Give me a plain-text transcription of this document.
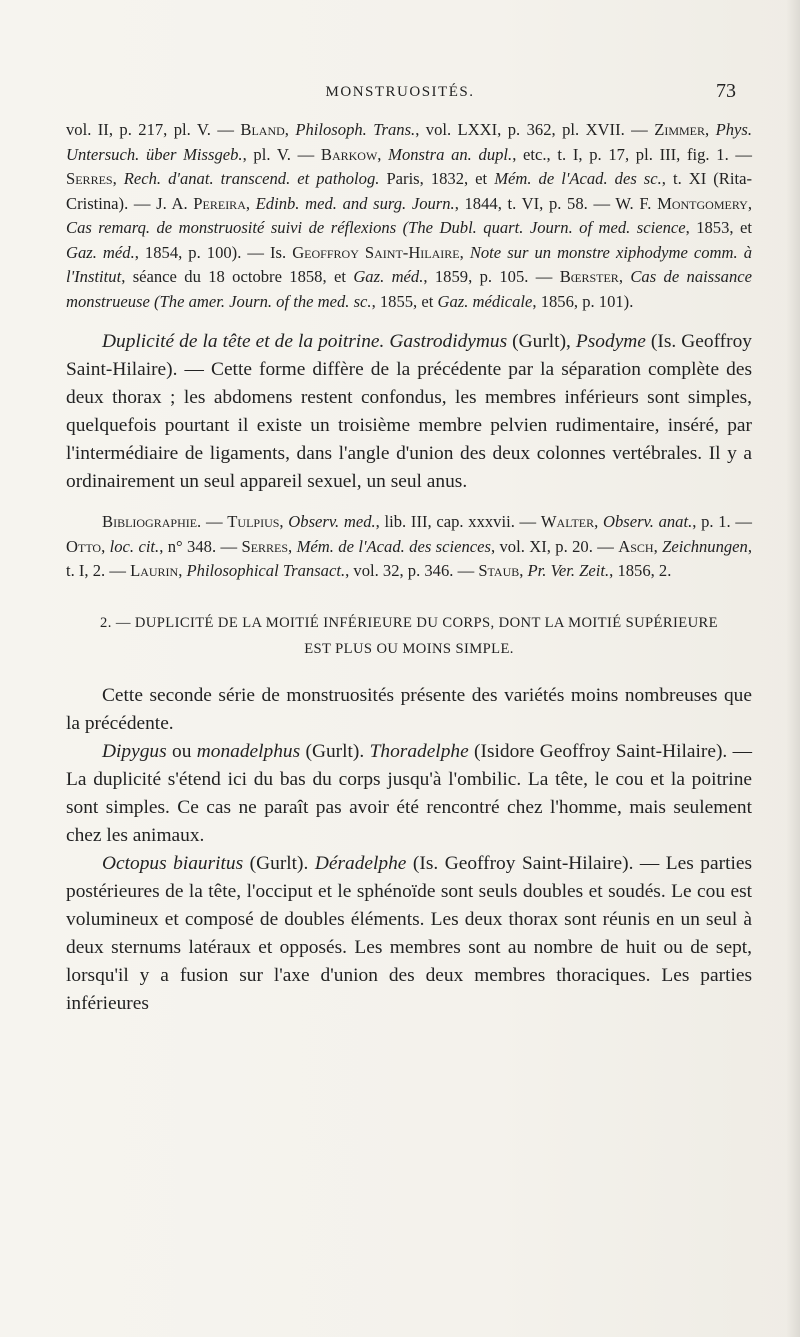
MONSTRUOSITÉS.	73

vol. II, p. 217, pl. V. — Bland, Philosoph. Trans., vol. LXXI, p. 362, pl. XVII. — Zimmer, Phys. Untersuch. über Missgeb., pl. V. — Barkow, Monstra an. dupl., etc., t. I, p. 17, pl. III, fig. 1. — Serres, Rech. d'anat. transcend. et patholog. Paris, 1832, et Mém. de l'Acad. des sc., t. XI (Rita-Cristina). — J. A. Pereira, Edinb. med. and surg. Journ., 1844, t. VI, p. 58. — W. F. Montgomery, Cas remarq. de monstruosité suivi de réflexions (The Dubl. quart. Journ. of med. science, 1853, et Gaz. méd., 1854, p. 100). — Is. Geoffroy Saint-Hilaire, Note sur un monstre xiphodyme comm. à l'Institut, séance du 18 octobre 1858, et Gaz. méd., 1859, p. 105. — Bœrster, Cas de naissance monstrueuse (The amer. Journ. of the med. sc., 1855, et Gaz. médicale, 1856, p. 101).

Duplicité de la tête et de la poitrine. Gastrodidymus (Gurlt), Psodyme (Is. Geoffroy Saint-Hilaire). — Cette forme diffère de la précédente par la séparation complète des deux thorax ; les abdomens restent confondus, les membres inférieurs sont simples, quelquefois pourtant il existe un troisième membre pelvien rudimentaire, inséré, par l'intermédiaire de ligaments, dans l'angle d'union des deux colonnes vertébrales. Il y a ordinairement un seul appareil sexuel, un seul anus.

Bibliographie. — Tulpius, Observ. med., lib. III, cap. xxxvii. — Walter, Observ. anat., p. 1. — Otto, loc. cit., n° 348. — Serres, Mém. de l'Acad. des sciences, vol. XI, p. 20. — Asch, Zeichnungen, t. I, 2. — Laurin, Philosophical Transact., vol. 32, p. 346. — Staub, Pr. Ver. Zeit., 1856, 2.

2. — DUPLICITÉ DE LA MOITIÉ INFÉRIEURE DU CORPS, DONT LA MOITIÉ SUPÉRIEURE EST PLUS OU MOINS SIMPLE.

Cette seconde série de monstruosités présente des variétés moins nombreuses que la précédente.

Dipygus ou monadelphus (Gurlt). Thoradelphe (Isidore Geoffroy Saint-Hilaire). — La duplicité s'étend ici du bas du corps jusqu'à l'ombilic. La tête, le cou et la poitrine sont simples. Ce cas ne paraît pas avoir été rencontré chez l'homme, mais seulement chez les animaux.

Octopus biauritus (Gurlt). Déradelphe (Is. Geoffroy Saint-Hilaire). — Les parties postérieures de la tête, l'occiput et le sphénoïde sont seuls doubles et soudés. Le cou est volumineux et composé de doubles éléments. Les deux thorax sont réunis en un seul à deux sternums latéraux et opposés. Les membres sont au nombre de huit ou de sept, lorsqu'il y a fusion sur l'axe d'union des deux membres thoraciques. Les parties inférieures
